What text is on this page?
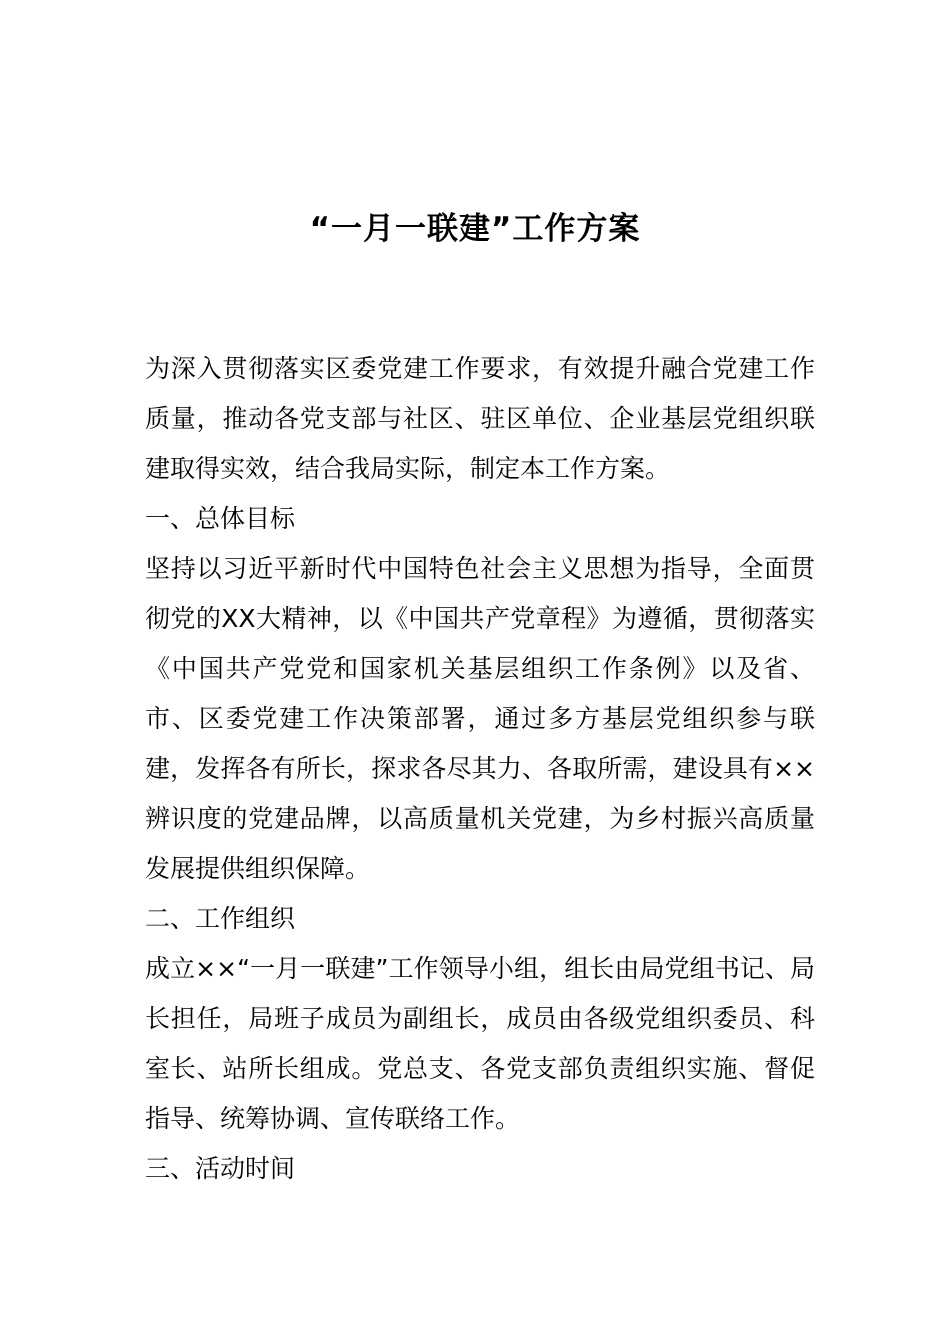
“一月一联建”工作方案

为深入贯彻落实区委党建工作要求，有效提升融合党建工作质量，推动各党支部与社区、驻区单位、企业基层党组织联建取得实效，结合我局实际，制定本工作方案。

一、总体目标

坚持以习近平新时代中国特色社会主义思想为指导，全面贯彻党的XX大精神，以《中国共产党章程》为遵循，贯彻落实《中国共产党党和国家机关基层组织工作条例》以及省、市、区委党建工作决策部署，通过多方基层党组织参与联建，发挥各有所长，探求各尽其力、各取所需，建设具有××辨识度的党建品牌，以高质量机关党建，为乡村振兴高质量发展提供组织保障。

二、工作组织

成立××“一月一联建”工作领导小组，组长由局党组书记、局长担任，局班子成员为副组长，成员由各级党组织委员、科室长、站所长组成。党总支、各党支部负责组织实施、督促指导、统筹协调、宣传联络工作。

三、活动时间
